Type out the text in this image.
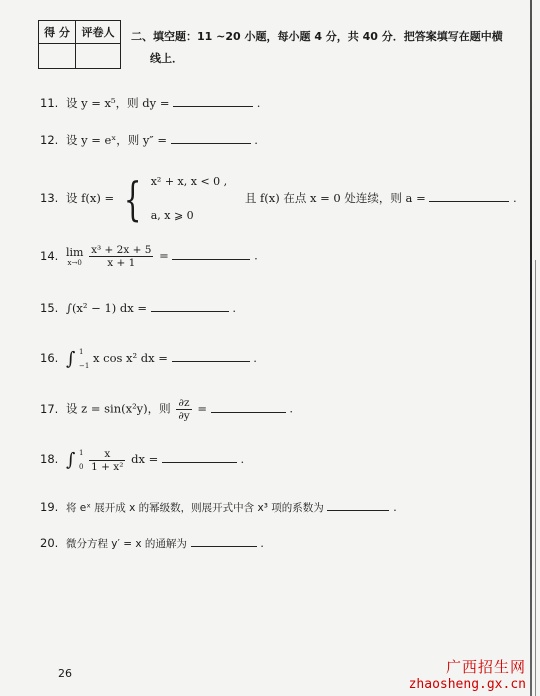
得 分	评卷人
	二、填空题：11 ~20 小题，每小题 4 分，共 40 分．把答案填写在题中横
线上．
11. 设 y = x⁵，则 dy =	.
12. 设 y = eˣ，则 y″ =	.
13. 设 f(x) = { x² + x, x < 0 ,
a, x ⩾ 0
且 f(x) 在点 x = 0 处连续，则 a =	.
14. lim
x→0
$\frac{\text{x³ + 2x + 5}}{x + 1}$ =	.
15. ∫(x² − 1) dx =	.
16. ∫ 1
−1
x cos x² dx =	.
17. 设 z = sin(x²y)，则 $\frac{\partial z}{\partial y}$ =	.
18. ∫ 1
0
$\frac{x}{\text{1 + x²}}$ dx =	.
19. 将 eˣ 展开成 x 的幂级数，则展开式中含 x³ 项的系数为	.
20. 微分方程 y′ = x 的通解为	.
26	广西招生网
zhaosheng.gx.cn
